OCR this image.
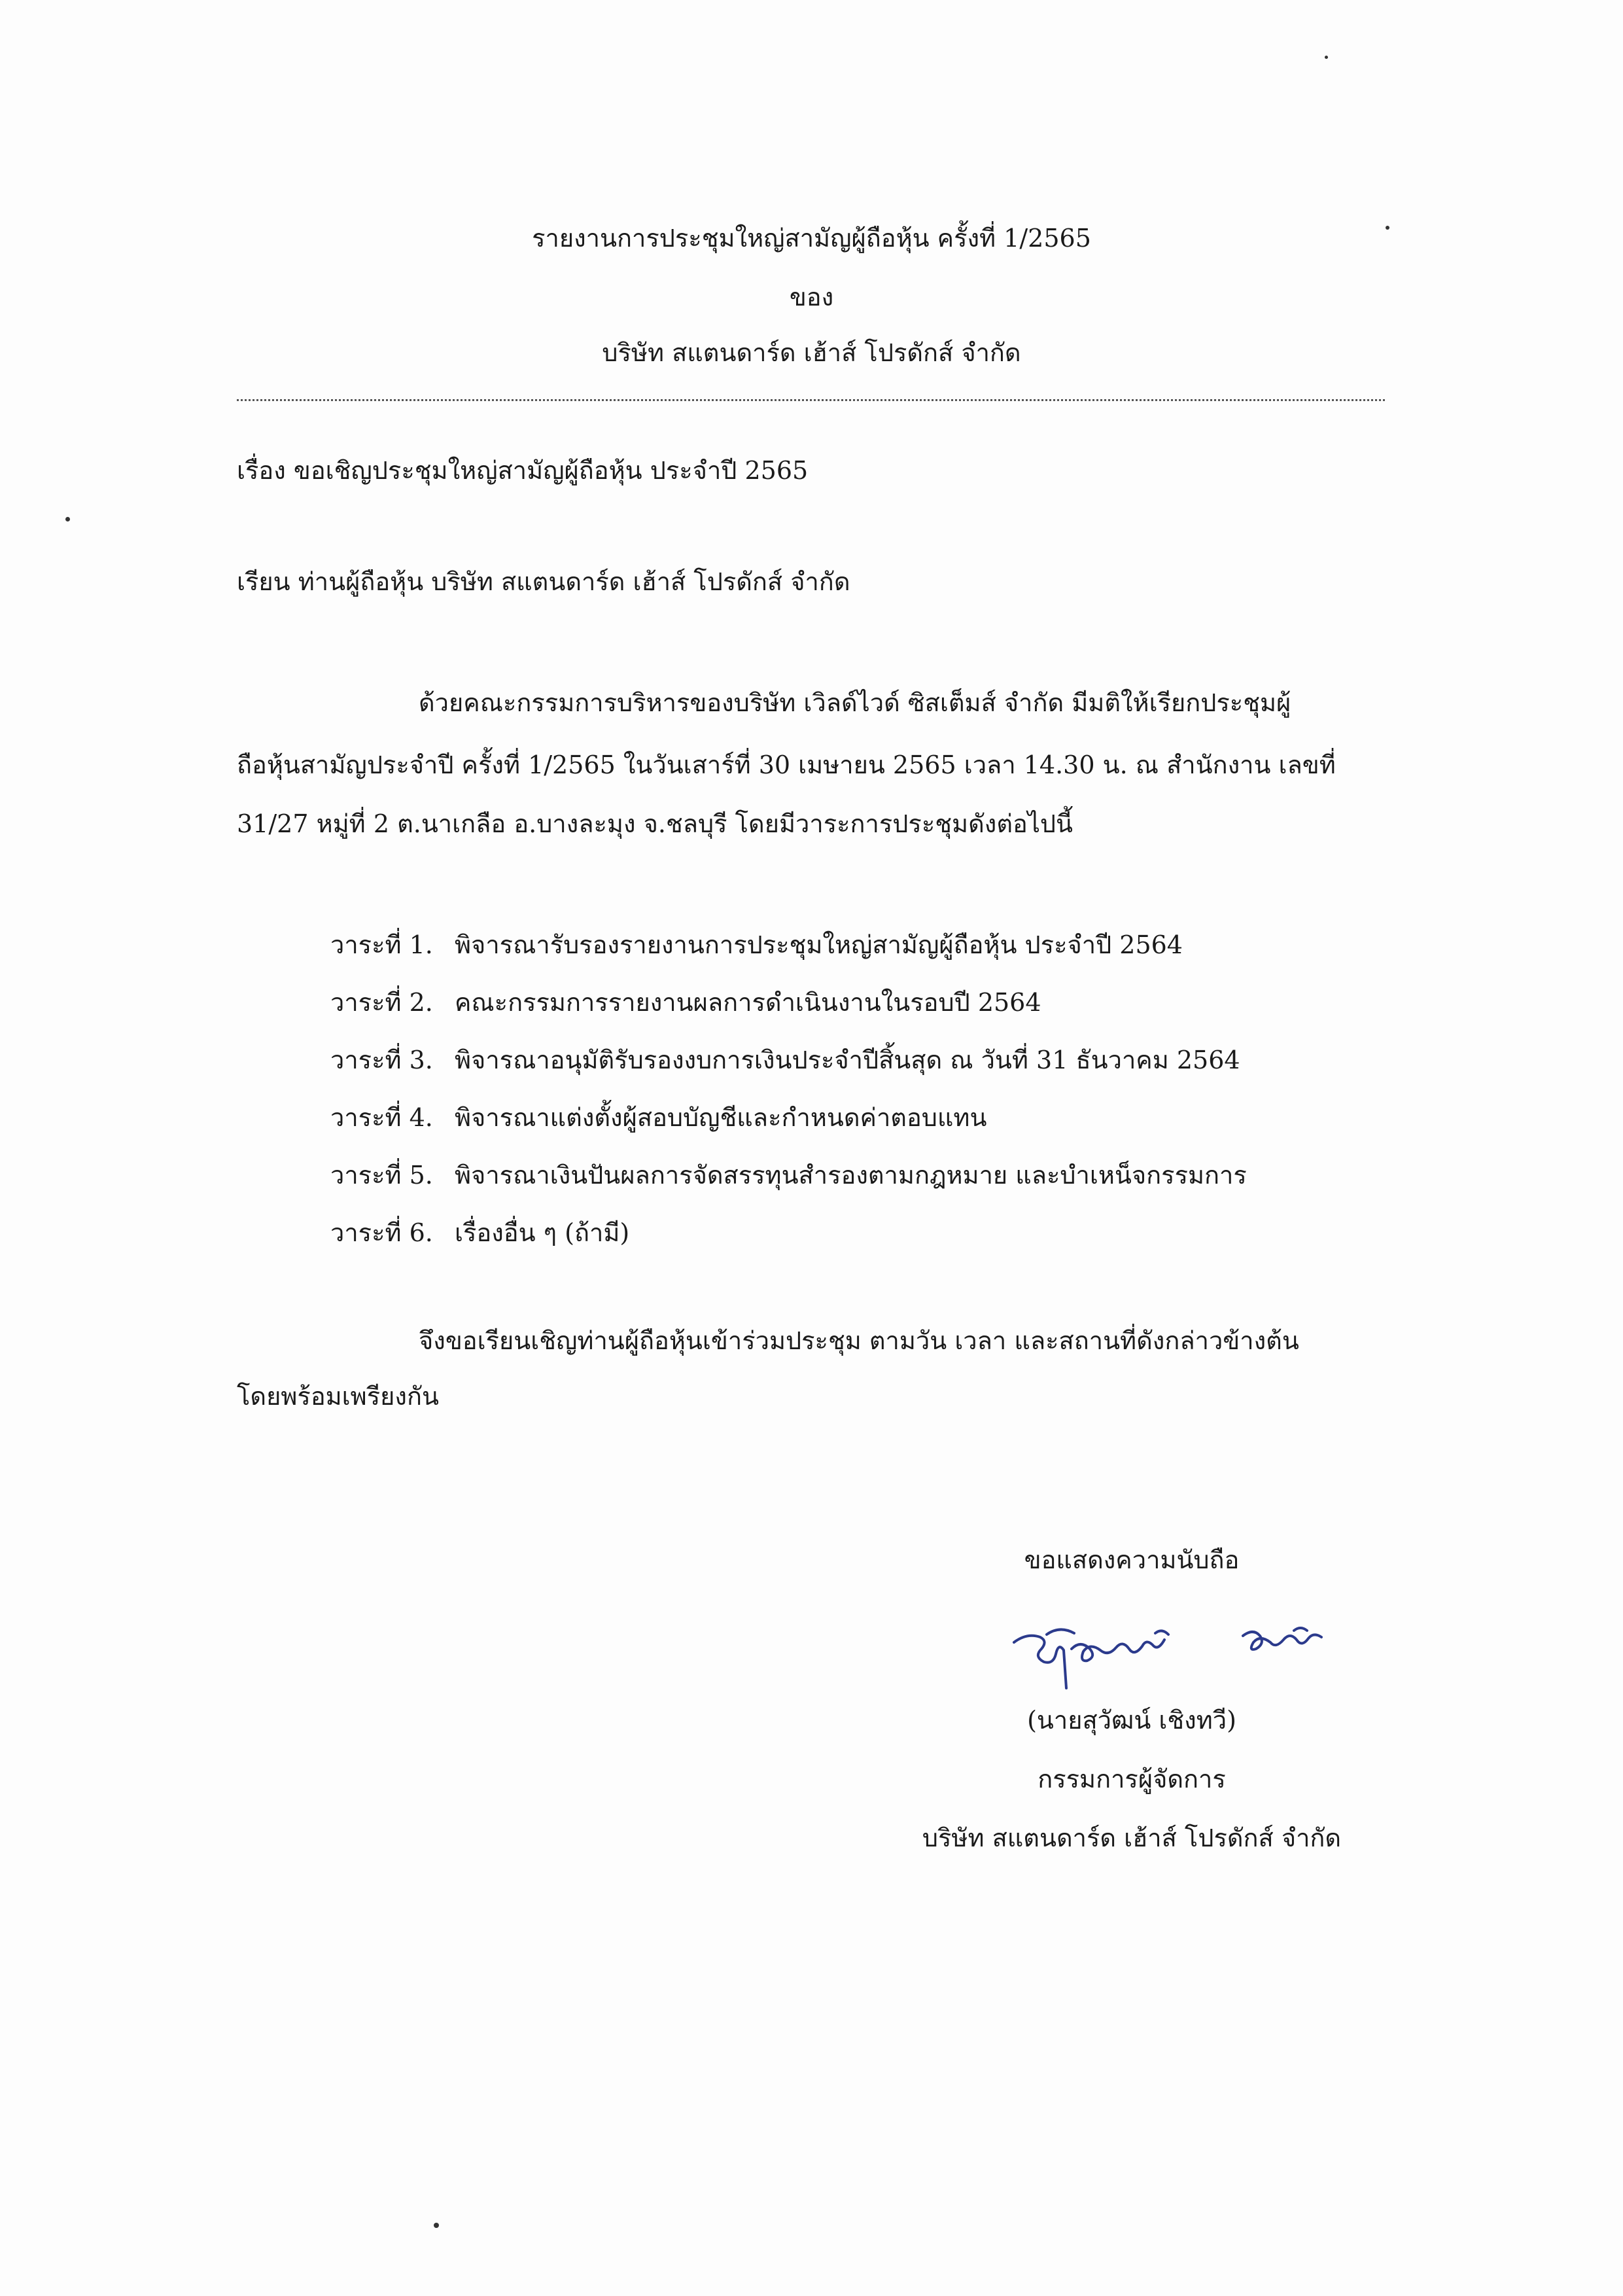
รายงานการประชุมใหญ่สามัญผู้ถือหุ้น ครั้งที่ 1/2565
ของ
บริษัท สแตนดาร์ด เฮ้าส์ โปรดักส์ จำกัด
เรื่อง ขอเชิญประชุมใหญ่สามัญผู้ถือหุ้น ประจำปี 2565
เรียน ท่านผู้ถือหุ้น บริษัท สแตนดาร์ด เฮ้าส์ โปรดักส์ จำกัด
ด้วยคณะกรรมการบริหารของบริษัท เวิลด์ไวด์ ซิสเต็มส์ จำกัด มีมติให้เรียกประชุมผู้
ถือหุ้นสามัญประจำปี ครั้งที่ 1/2565 ในวันเสาร์ที่ 30 เมษายน 2565 เวลา 14.30 น. ณ สำนักงาน เลขที่
31/27 หมู่ที่ 2 ต.นาเกลือ อ.บางละมุง จ.ชลบุรี โดยมีวาระการประชุมดังต่อไปนี้
วาระที่ 1. พิจารณารับรองรายงานการประชุมใหญ่สามัญผู้ถือหุ้น ประจำปี 2564
วาระที่ 2. คณะกรรมการรายงานผลการดำเนินงานในรอบปี 2564
วาระที่ 3. พิจารณาอนุมัติรับรองงบการเงินประจำปีสิ้นสุด ณ วันที่ 31 ธันวาคม 2564
วาระที่ 4. พิจารณาแต่งตั้งผู้สอบบัญชีและกำหนดค่าตอบแทน
วาระที่ 5. พิจารณาเงินปันผลการจัดสรรทุนสำรองตามกฎหมาย และบำเหน็จกรรมการ
วาระที่ 6. เรื่องอื่น ๆ (ถ้ามี)
จึงขอเรียนเชิญท่านผู้ถือหุ้นเข้าร่วมประชุม ตามวัน เวลา และสถานที่ดังกล่าวข้างต้น
โดยพร้อมเพรียงกัน
ขอแสดงความนับถือ
(นายสุวัฒน์ เชิงทวี)
กรรมการผู้จัดการ
บริษัท สแตนดาร์ด เฮ้าส์ โปรดักส์ จำกัด
